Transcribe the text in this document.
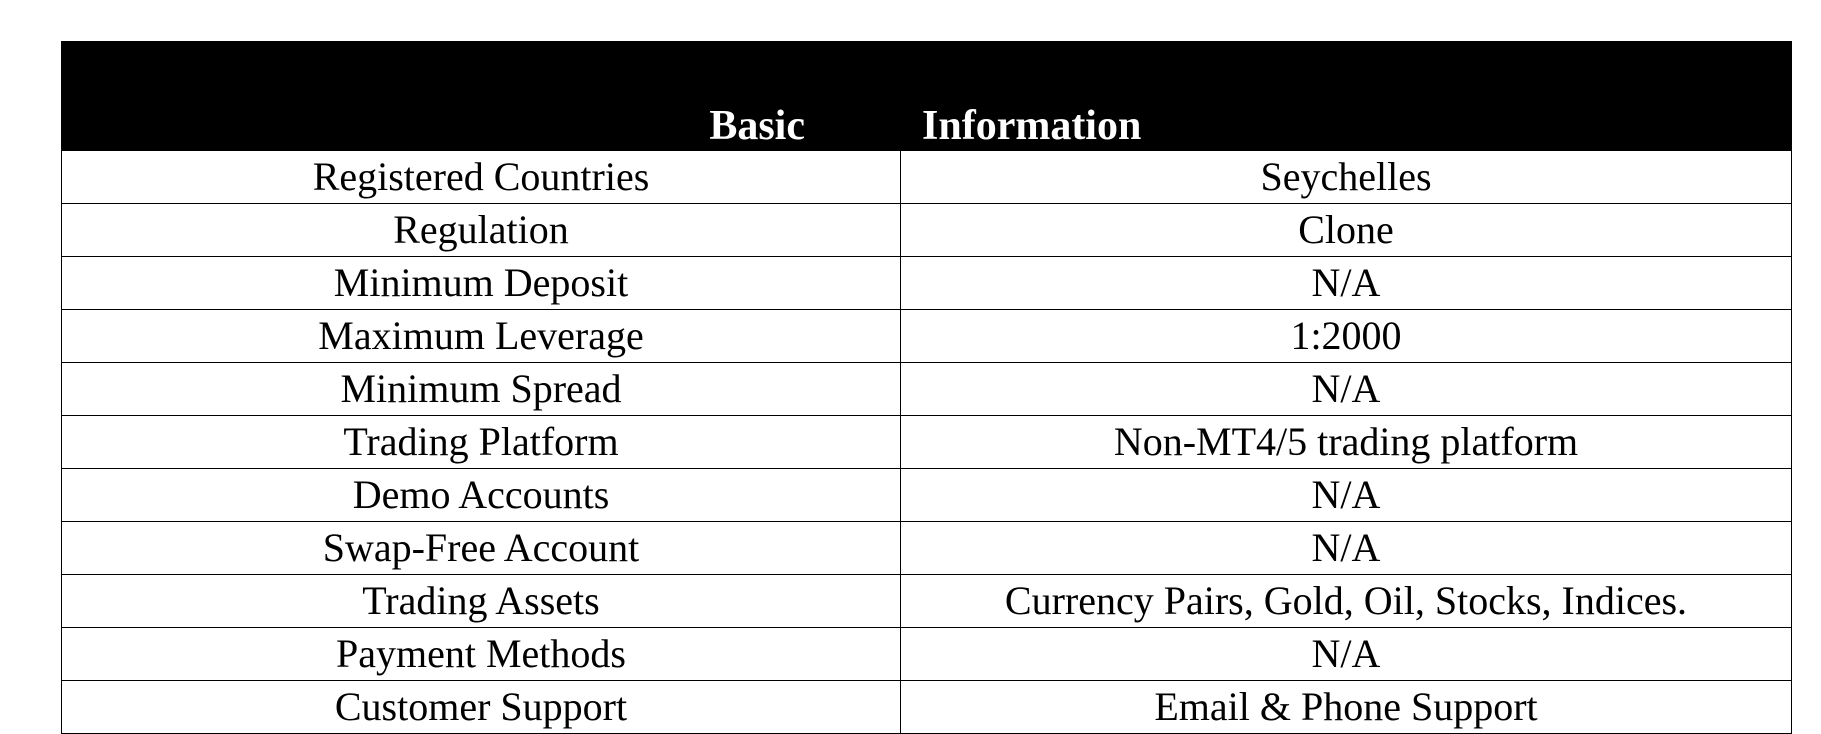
Basic	Information
Registered Countries	Seychelles
Regulation	Clone
Minimum Deposit	N/A
Maximum Leverage	1:2000
Minimum Spread	N/A
Trading Platform	Non-MT4/5 trading platform
Demo Accounts	N/A
Swap-Free Account	N/A
Trading Assets	Currency Pairs, Gold, Oil, Stocks, Indices.
Payment Methods	N/A
Customer Support	Email & Phone Support
